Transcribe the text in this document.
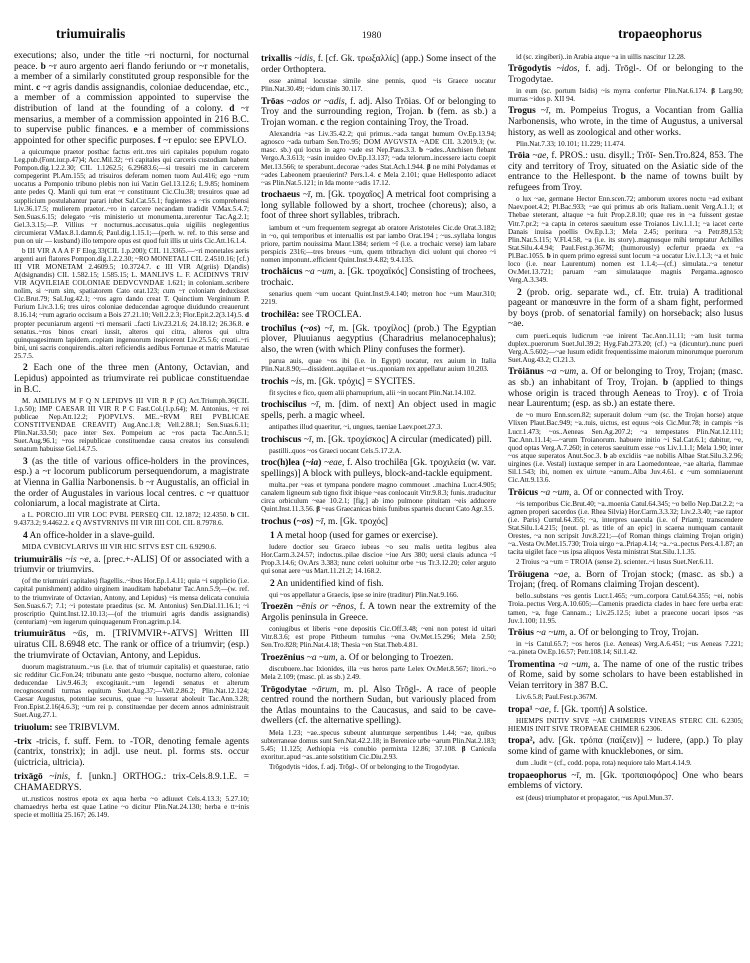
triumuiralis	1980	tropaeophorus
executions; also, under the title ~ri nocturni, for nocturnal peace. b ~r auro argento aeri flando feriundo or ~r monetalis, a member of a similarly constituted group responsible for the mint. c ~r agris dandis assignandis, coloniae deducendae, etc., a member of a commission appointed to supervise the distribution of land at the founding of a colony. d ~r mensarius, a member of a commission appointed in 216 B.C. to supervise public finances. e a member of commissions appointed for other specific purposes. f ~r epulo: see EPVLO.
a quicumque praetor posthac factus erit..tres uiri capitales populum rogato Leg.pub.(Font.iur.p.47)4; Acc.Mil.32; ~ri capitales qui carceris custodiam habent Pompon.dig.1.2.2.30; CIL 1.1262.5; 6.29683.6;—si tresuiri me in carcerem compegerint Pl.Am.155; ad trisuiros deferam nomen tuom Aul.416; ego ~rum uocatus a Pomponio tribuno plebis non iui Var.in Gel.13.12.6; L.9.85; hominem ante pedes Q. Manli qui tum erat ~r constituunt Cic.Clu.38; tresuiros quae ad supplicium postulabantur parari iubet Sal.Cat.55.1; fugientes a ~ris comprehensi Liv.36.17.5; mulierem praetor..~ro in carcere necandam tradidit V.Max.5.4.7; Sen.Suas.6.15; delegato ~ris ministerio ut monumenta..urerentur Tac.Ag.2.1; Gel.3.3.15;—P. Villius ~r nocturnus..accusatus..quia uigiliis neglegentius circumierat V.Max.8.1.damn.6; Paul.dig.1.15.1;—(perh. w. ref. to this sense and pun on uir — kusband) illo tempore opus est quod fuit illis ut uiris Cic.Att.16.1.4.
b III VIR A A A F F Elog.33(CIL 1.p.200); CIL 11.3365.—~ri monetales aeris argenti auri flatores Pompon.dig.1.2.2.30; ~RO MONETALI CIL 2.4510.16; [cf.) III VIR MONETAM 2.4609.5; 10.3724.7. c III VIR A(griis) D(andis) A(dsignandis) CIL 1.582.15; 1.585.15; L. MANLIVS L. F. ACIDINVS TRIV VIR AQVILEIAE COLONIAE DEDVCVNDAE 1.621; in coloniam..scribere nolim, si ~rum sim, spatiatorem Cato orat.123; cum ~r coloniam deduxisset Cic.Brut.79; Sal.Jug.42.1; ~ros agro dando creat T. Quinctium Vergininum P. Furium Liv.3.1.6; tres uiros coloniae deducendae agroque diuidundo creauerunt 8.16.14; ~rum agrario occisum a Bois 27.21.10; Vell.2.2.3; Flor.Epit.2.2(3.14).5. d propter pecuniarum argenti ~ri mensarii ..facti Liv.23.21.6; 24.18.12; 26.36.8. e senatus..~ros binos creari iussit, alteros qui citra, alteros qui ultra quinquagesimum lapidem..copiam ingenuorum inspicerent Liv.25.5.6; creati..~ri bini, uni sacris conquirendis..alteri reficiendis aedibus Fortunae et matris Matutae 25.7.5.
2 Each one of the three men (Antony, Octavian, and Lepidus) appointed as triumvirate rei publicae constituendae in B.C.
M. AIMILIVS M F Q N LEPIDVS III VIR R P (C) Act.Triumph.36(CIL 1.p.50); IMP CAESAR III VIR R P C Fast.Col.(1.p.64); M. Antonius, ~r rei publicae Nep.Att.12.2; P)OPVLVS. ME..~RVM REI PVBLICAE CONSTITVENDAE CREAVIT) Aug.Anc.1.8; Vell.2.88.1; Sen.Suas.6.11; Plin.Nat.33.50; pace inter Sex. Pompeium ac ~ros pacta Tac.Ann.5.1; Suet.Aug.96.1; ~ros reipublicae constituendae causa creatos ius consulendi senatum habuisse Gel.14.7.5.
3 (as the title of various office-holders in the provinces, esp.) a ~r locorum publicorum persequendorum, a magistrate at Vienna in Gallia Narbonensis. b ~r Augustalis, an official in the order of Augustales in various local centres. c ~r quattuor coloniarum, a local magistrate at Cirta.
a L. PORCIO..III VIR LOC PVBL PERSEQ CIL 12.1872; 12.4350. b CIL 9.4373.2; 9.4462.2. c Q AVSTVRNIVS III VIR IIII COL CIL 8.7978.6.
4 An office-holder in a slave-guild.
MIDA CVBICVLARIVS III VIR HIC SITVS EST CIL 6.9290.6.
triumuirālis ~is ~e, a. [prec.+-ALIS] Of or associated with a triumvir or triumvirs.
(of the triumuiri capitales) flagellis..~ibus Hor.Ep.1.4.11; quia ~i supplicio (i.e. capital punishment) addito uirginem inauditam habebatur Tac.Ann.5.9;—(w. ref. to the triumvirate of Octavian, Antony, and Lepidus) ~is mensa delicata conuiuia Sen.Suas.6.7; 7.1; ~i potestate praeditus (sc. M. Antonius) Sen.Dial.11.16.1; ~i proscriptio Quint.Inst.12.10.13;—(of the triumuiri agris dandis assignandis) (centuriam) ~em iugerum quinquagenum Fron.agrim.p.14.
triumuirātus ~ūs, m. [TRIVMVIR+-ATVS] Written III uiratus CIL 8.6948 etc. The rank or office of a triumvir; (esp.) the triumvirate of Octavian, Antony, and Lepidus.
duorum magistratuum..~us (i.e. that of triumuir capitalis) et quaesturae, ratio sic redditur Cic.Fon.24; tribunatu ante gesto ~busque, nocturno altero, coloniae deducendae Liv.9.46.3; excogitauit..~um legendi senatus et alterum recognoscendi turmas equitum Suet.Aug.37;—Vell.2.86.2; Plin.Nat.12.124; Caesar Augustus, potentiae securus, quae ~u lusserat aboleuit Tac.Ann.3.28; Fron.Epist.2.16(4.6.3); ~um rei p. constituendae per decem annos administrauit Suet.Aug.27.1.
triuolum: see TRIBVLVM.
-trix -tricis, f. suff. Fem. to -TOR, denoting female agents (cantrix, tonstrix); in adjl. use neut. pl. forms sts. occur (uictricia, ultricia).
trixāgō ~inis, f. [unkn.] ORTHOG.: trix-Cels.8.9.1.E. = CHAMAEDRYS.
ut..rusticos nostros epota ex aqua herba ~o adiuuet Cels.4.13.3; 5.27.10; chamaedrys herba est quae Latine ~o dicitur Plin.Nat.24.130; herba e tt~inis specie et mollitia 25.167; 26.149.
trixallis ~idis, f. [cf. Gk. τρωξαλλίς] (app.) Some insect of the order Orthoptera.
esse animal locustae simile sine pennis, quod ~is Graece uocatur Plin.Nat.30.49; ~idum cinis 30.117.
Trōas ~ados or ~adis, f. adj. Also Trōias. Of or belonging to Troy and the surrounding region, Trojan. b (fem. as sb.) a Trojan woman. c the region containing Troy, the Troad.
Alexandria ~as Liv.35.42.2; qui primus..~ada tangat humum Ov.Ep.13.94; agnosco ~ada turbam Sen.Tro.95; DOM AVGVSTA ~ADE CIL 3.2019.3; (w. masc. sb.) qui locus in agro ~ade est Nep.Paus.3.3. b ~ades..Anchisen flebant Vergo.A.3.613; ~asin inuideo Ov.Ep.13.137; ~ada telorum..incessere iactu coepit Met.13.566; te sperabunt..decorae ~ades Stat.Ach.1.944. β ne mihi Polydamas et ~ades Labeonem praeuierint? Pers.1.4. c Mela 2.101; quae Hellesponto adiacet ~as Plin.Nat.5.121; in Ida monte ~adis 17.12.
trochaeus ~ī, m. [Gk. τροχαῖος] A metrical foot comprising a long syllable followed by a short, trochee (choreus); also, a foot of three short syllables, tribrach.
iambum et ~um frequentem segregat ab oratore Aristoteles Cic.de Orat.3.182; in ~o, qui temporibus et interuallis est par iambo Orat.194 ; ~us..syllaba longus priore, partim nouissima Maur.1384; seriem ~ī (i.e. a trochaic verse) iam labare perspicis 2316;—tres breues ~um, quem tribrachyn dici uolunt qui choreo ~i nomen imponunt..efficient Quint.Inst.9.4.82; 9.4.135.
trochāicus ~a ~um, a. [Gk. τροχαϊκός] Consisting of trochees, trochaic.
senarius quem ~um uocant Quint.Inst.9.4.140; metron hoc ~um Maur.310; 2219.
trochilēa: see TROCLEA.
trochīlus (~os) ~ī, m. [Gk. τροχίλος] (prob.) The Egyptian plover, Pluuianus aegyptius (Charadrius melanocephalus); also, the wren (with which Pliny confuses the former).
parua auis, quae ~os ibi (i.e. in Egypt) uocatur, rex auium in Italia Plin.Nat.8.90;—dissident..aquilae et ~us..quoniam rex appellatur auium 10.203.
trochis ~is, m. [Gk. τρόχις] = SYCITES.
fit sycites e fico, quem alii pharnuprium, alii ~in uocant Plin.Nat.14.102.
trochiscilus ~ī, m. [dim. of next] An object used in magic spells, perh. a magic wheel.
antipathes illud quaeritur, ~i, ungues, taeniae Laev.poet.27.3.
trochiscus ~ī, m. [Gk. τροχίσκος] A circular (medicated) pill.
pastilli..quos ~os Graeci uocant Cels.5.17.2.A.
troc(h)lea (~ia) ~eae, f. Also trochilēa [Gk. τροχιλεία (w. var. spellings)] A block with pulleys, block-and-tackle equipment.
multa..per ~eas et tympana pondere magno commouet ..machina Lucr.4.905; canalem ligneum sub tigno fixit ibique ~eas conlocauit Vitr.9.8.3; funis..traducitur circa orbiculum ~eae 10.2.1; [fig.] ab imo pulmone pituitam ~eis adducere Quint.Inst.11.3.56. β ~eas Graecanicas binis funibus sparteis ducunt Cato Agr.3.5.
trochus (~os) ~ī, m. [Gk. τροχός]
1 A metal hoop (used for games or exercise).
ludere doctior seu Graeco iubeas ~o seu malis uetita legibus alea Hor.Carm.3.24.57; indoctus..pilae discioe ~iue Ars 380; uersi clauis adunca ~ī Prop.3.14.6; Ov.Ars 3.383; nunc celeri uoluitur orbe ~us Tr.3.12.20; celer arguto qui sonat aere ~us Mart.11.21.2; 14.168.2.
2 An unidentified kind of fish.
qui ~os appellatur a Graecis, ipse se inire (traditur) Plin.Nat.9.166.
Troezēn ~ēnis or ~ēnos, f. A town near the extremity of the Argolis peninsula in Greece.
coniugibus et liberis ~ene depositis Cic.Off.3.48; ~eni non potest id uitari Vitr.8.3.6; est prope Pittheum tumulus ~ena Ov.Met.15.296; Mela 2.50; Sen.Tro.828; Plin.Nat.4.18; Thesia ~en Stat.Theb.4.81.
Troezēnius ~a ~um, a. Of or belonging to Troezen.
discubuere..hac Ixionides, illa ~us heros parte Lelex Ov.Met.8.567; litori..~o Mela 2.109; (masc. pl. as sb.) 2.49.
Trōgodytae ~ārum, m. pl. Also Trōgl-. A race of people centred round the northern Sudan, but variously placed from the Atlas mountains to the Caucasus, and said to be cave-dwellers (cf. the alternative spelling).
Mela 1.23; ~ae..specus subeunt alunturque serpentibus 1.44; ~ae, quibus subterraneae domus sunt Sen.Nat.42.2.18; in Berenice urbe ~arum Plin.Nat.2.183; 5.45; 11.125; Aethiopia ~is conubio permixta 12.86; 37.108. β Canicula exoritur..apud ~as..ante solstitium Cic.Diu.2.93.
Trōgodytis ~idos, f. adj. Trōgl-. Of or belonging to the Trogodytae.
id (sc. zingiberi)..in Arabia atque ~a in uillis nascitur 12.28.
Trōgodytis ~idos, f. adj. Trōgl-. Of or belonging to the Trogodytae.
in eum (sc. portum Isidis) ~is myrra confertur Plin.Nat.6.174. β Larg.90; murras ~idos p. XII 94.
Trogus ~ī, m. Pompeius Trogus, a Vocantian from Gallia Narbonensis, who wrote, in the time of Augustus, a universal history, as well as zoological and other works.
Plin.Nat.7.33; 10.101; 11.229; 11.474.
Trōia ~ae, f. PROS.: usu. disyll.; Trŏī- Sen.Tro.824, 853. The city and territory of Troy, situated on the Asiatic side of the entrance to the Hellespont. b the name of towns built by refugees from Troy.
o lux ~ae, germane Hector Enn.scen.72; amborum uxores noctu ~ad exibant Naev.poet.4.2; Pl.Bac.933; ~ae qui primus ab oris Italiam..uenit Verg.A.1.1; et Thebae steterant, altaque ~a fuit Prop.2.8.10; quae res in ~a fuissent gestae Vitr.7.pr.2; ~a capta in ceteros saeuitum esse Troianos Liv.1.1.1; ~a iacet certe Danais inuisa poellis Ov.Ep.1.3; Mela 2.45; peritura ~a Petr.89,l.53; Plin.Nat.5.115; V.Fl.4.58, ~a (i.e. its story)..magnusque mihi temptatur Achilles Stat.Silu.4.4.94; Paul.Fest.p.367M; (humorously) ecfertur praeda ex ~a Pl.Bac.1055. b in quem primo egressi sunt locum ~a uocatur Liv.1.1.3; ~a et huic loco (i.e. near Laurentum) nomen est 1.1.4;—(cf.) simulata..~a tenetur Ov.Met.13.721; paruam ~am simulataque magnis Pergama..agnosco Verg.A.3.349.
2 (prob. orig. separate wd., cf. Etr. truia) A traditional pageant or manœuvre in the form of a sham fight, performed by boys (prob. of senatorial family) on horseback; also lusus ~ae.
cum pueri..equis ludicrum ~ae inirent Tac.Ann.11.11; ~am lusit turma duplex..puerorum Suet.Jul.39.2; Hyg.Fab.273.20; (cf.) ~a (dicuntur)..nunc pueri Verg.A.5.602;—~ae lusum edidit frequentissime maiorum minorumque puerorum Suet.Aug.43.2; Cl.21.3.
Trōiānus ~a ~um, a. Of or belonging to Troy, Trojan; (masc. as sb.) an inhabitant of Troy, Trojan. b (applied to things whose origin is traced through Aeneas to Troy). c of Troia near Laurentum; (esp. as sb.) an estate there.
de ~o muro Enn.scen.82; superauit dolum ~um (sc. the Trojan horse) atque Vlixen Plaut.Bac.949; ~a..tuis, uictus, est equus ~ois Cic.Mur.78; in campis ~is Lucr.1.473; ~os..Aeneas Sen.Ag.207.2; ~a tempestates Plin.Nat.12.111; Tac.Ann.11.14;—~arum Troianorum. habuere initio ~i Sal.Cat.6.1; dabitur, ~e, quod optas Verg.A.7.260; in ceteros saeuitum esse ~os Liv.1.1.1; Mela 1.90; inter ~os atque superatos Anut.Soc.3. b ab excidiis ~ae nobilis Albae Stat.Silu.3.2.96; uirgines (i.e. Vestal) iuxtaque semper in ara Laomedonteae, ~ae altaria, flammae Sil.1.543; ibi, nomen ex uirtute ~anum..Alba Juv.4.61. c ~um somniauerunt Cic.Att.9.13.6.
Trōicus ~a ~um, a. Of or connected with Troy.
~is temporibus Cic.Brut.40; ~a..moenia Catul.64.345; ~o bello Nep.Dat.2.2; ~a agmen properi sacerdos (i.e. Rhea Silvia) Hor.Carm.3.3.32; Liv.2.3.40; ~ae raptor (i.e. Paris) Curtul.64.355; ~a, interpres uaecula (i.e. of Priam); transcendere Stat.Silu.1.4.215; [neut. pl. as title of an epic] in scaena numquam cantauit Orestes, ~a non scripsit Juv.8.221;—(of Roman things claiming Trojan origin) ~a..Vesta Ov.Met.15.730; Troia uirgo ~a..Priap.4.14; ~a..~a..pectus Pers.4.1.87; an tacita uigilet face ~us ipsa aliquos Vesta ministrat Stat.Silu.1.1.35.
2 Troius ~a ~um = TROIA (sense 2). scienter..~i lusus Suet.Ner.6.11.
Trōiugena ~ae, a. Born of Trojan stock; (masc. as sb.) a Trojan; (freq. of Romans claiming Trojan descent).
bello..substans ~es gentis Lucr.1.465; ~um..corpora Catul.64.355; ~ei, nobis Troia..pectus Verg.A.10.605;—Camenis praedicta clades in haec fere uerba erat: tamen, ~a, fuge Cannam..; Liv.25.12.5; iubet a praecone uocari ipsos ~as Juv.1.100; 11.95.
Trōius ~a ~um, a. Of or belonging to Troy, Trojan.
in ~is Catul.65.7; ~os heros (i.e. Aeneas) Verg.A.6.451; ~us Aeneas 7.221; ~a..pineta Ov.Ep.16.57; Petr.108.14; Sil.1.42.
Tromentina ~a ~um, a. The name of one of the rustic tribes of Rome, said by some scholars to have been established in Veian territory in 387 B.C.
Liv.6.5.8; Paul.Fest.p.367M.
tropa¹ ~ae, f. [Gk. τροπή] A solstice.
HIEMPS INITIV SIVE ~AE CHIMERIS VINEAS STERC CIL 6.2305; HIEMIS INIT SIVE TROPAEAE CHIMER 6.2306.
tropa², adv. [Gk. τρόπα (παίζειν)] ~ ludere, (app.) To play some kind of game with knucklebones, or sim.
dum ..ludit ~ (cf., codd. popa, rota) nequiore talo Mart.4.14.9.
tropaeophorus ~ī, m. [Gk. τροπαιοφόρος] One who bears emblems of victory.
est (deus) triumphator et propagator, ~us Apul.Mun.37.
